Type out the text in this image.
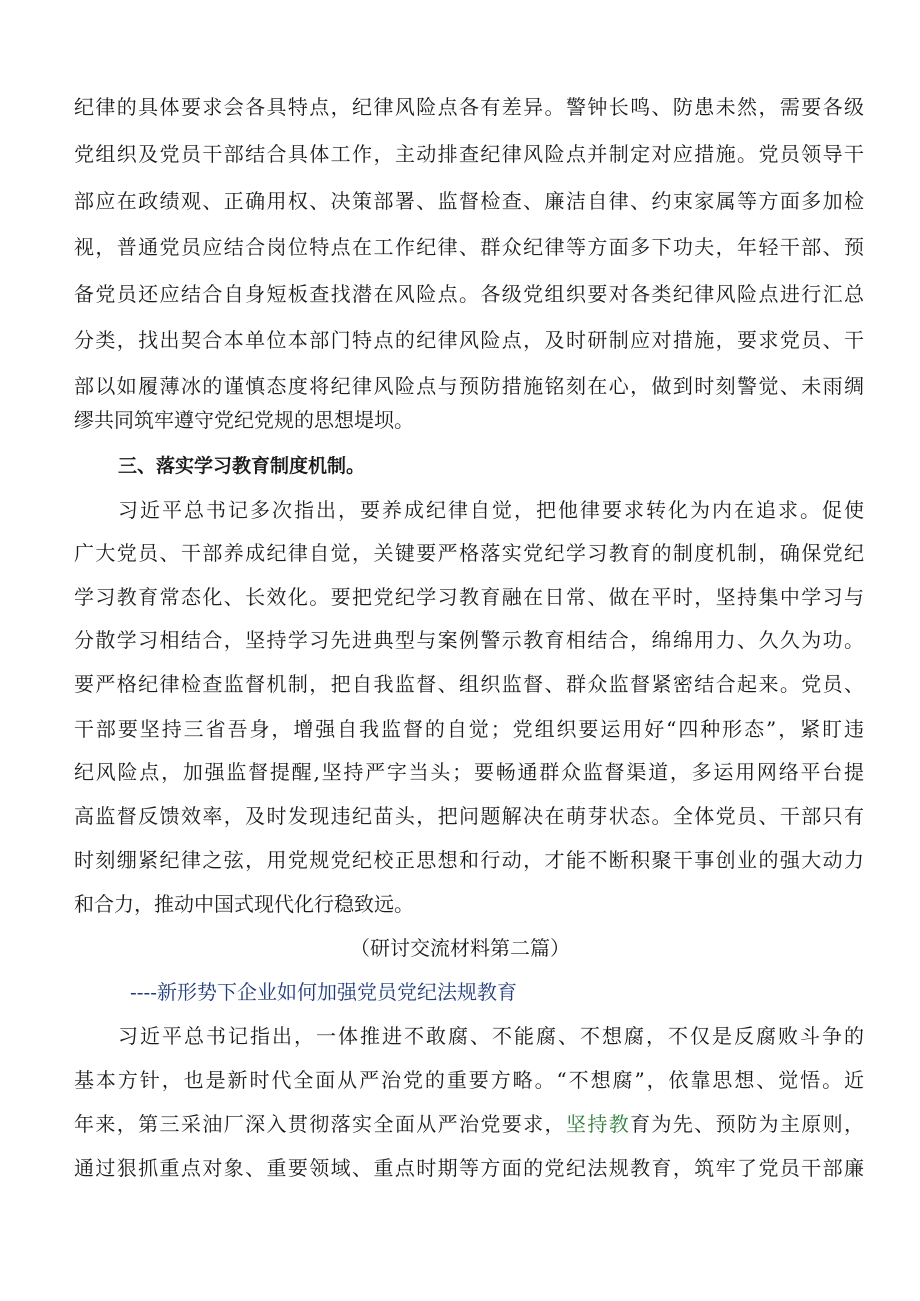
纪律的具体要求会各具特点，纪律风险点各有差异。警钟长鸣、防患未然，需要各级
党组织及党员干部结合具体工作，主动排查纪律风险点并制定对应措施。党员领导干
部应在政绩观、正确用权、决策部署、监督检查、廉洁自律、约束家属等方面多加检
视，普通党员应结合岗位特点在工作纪律、群众纪律等方面多下功夫，年轻干部、预
备党员还应结合自身短板查找潜在风险点。各级党组织要对各类纪律风险点进行汇总
分类，找出契合本单位本部门特点的纪律风险点，及时研制应对措施，要求党员、干
部以如履薄冰的谨慎态度将纪律风险点与预防措施铭刻在心，做到时刻警觉、未雨绸
缪共同筑牢遵守党纪党规的思想堤坝。
三、落实学习教育制度机制。
习近平总书记多次指出，要养成纪律自觉，把他律要求转化为内在追求。促使
广大党员、干部养成纪律自觉，关键要严格落实党纪学习教育的制度机制，确保党纪
学习教育常态化、长效化。要把党纪学习教育融在日常、做在平时，坚持集中学习与
分散学习相结合，坚持学习先进典型与案例警示教育相结合，绵绵用力、久久为功。
要严格纪律检查监督机制，把自我监督、组织监督、群众监督紧密结合起来。党员、
干部要坚持三省吾身，增强自我监督的自觉；党组织要运用好“四种形态”，紧盯违
纪风险点，加强监督提醒,坚持严字当头；要畅通群众监督渠道，多运用网络平台提
高监督反馈效率，及时发现违纪苗头，把问题解决在萌芽状态。全体党员、干部只有
时刻绷紧纪律之弦，用党规党纪校正思想和行动，才能不断积聚干事创业的强大动力
和合力，推动中国式现代化行稳致远。
（研讨交流材料第二篇）
----新形势下企业如何加强党员党纪法规教育
习近平总书记指出，一体推进不敢腐、不能腐、不想腐，不仅是反腐败斗争的
基本方针，也是新时代全面从严治党的重要方略。“不想腐”，依靠思想、觉悟。近
年来，第三采油厂深入贯彻落实全面从严治党要求，坚持教育为先、预防为主原则，
通过狠抓重点对象、重要领域、重点时期等方面的党纪法规教育，筑牢了党员干部廉
